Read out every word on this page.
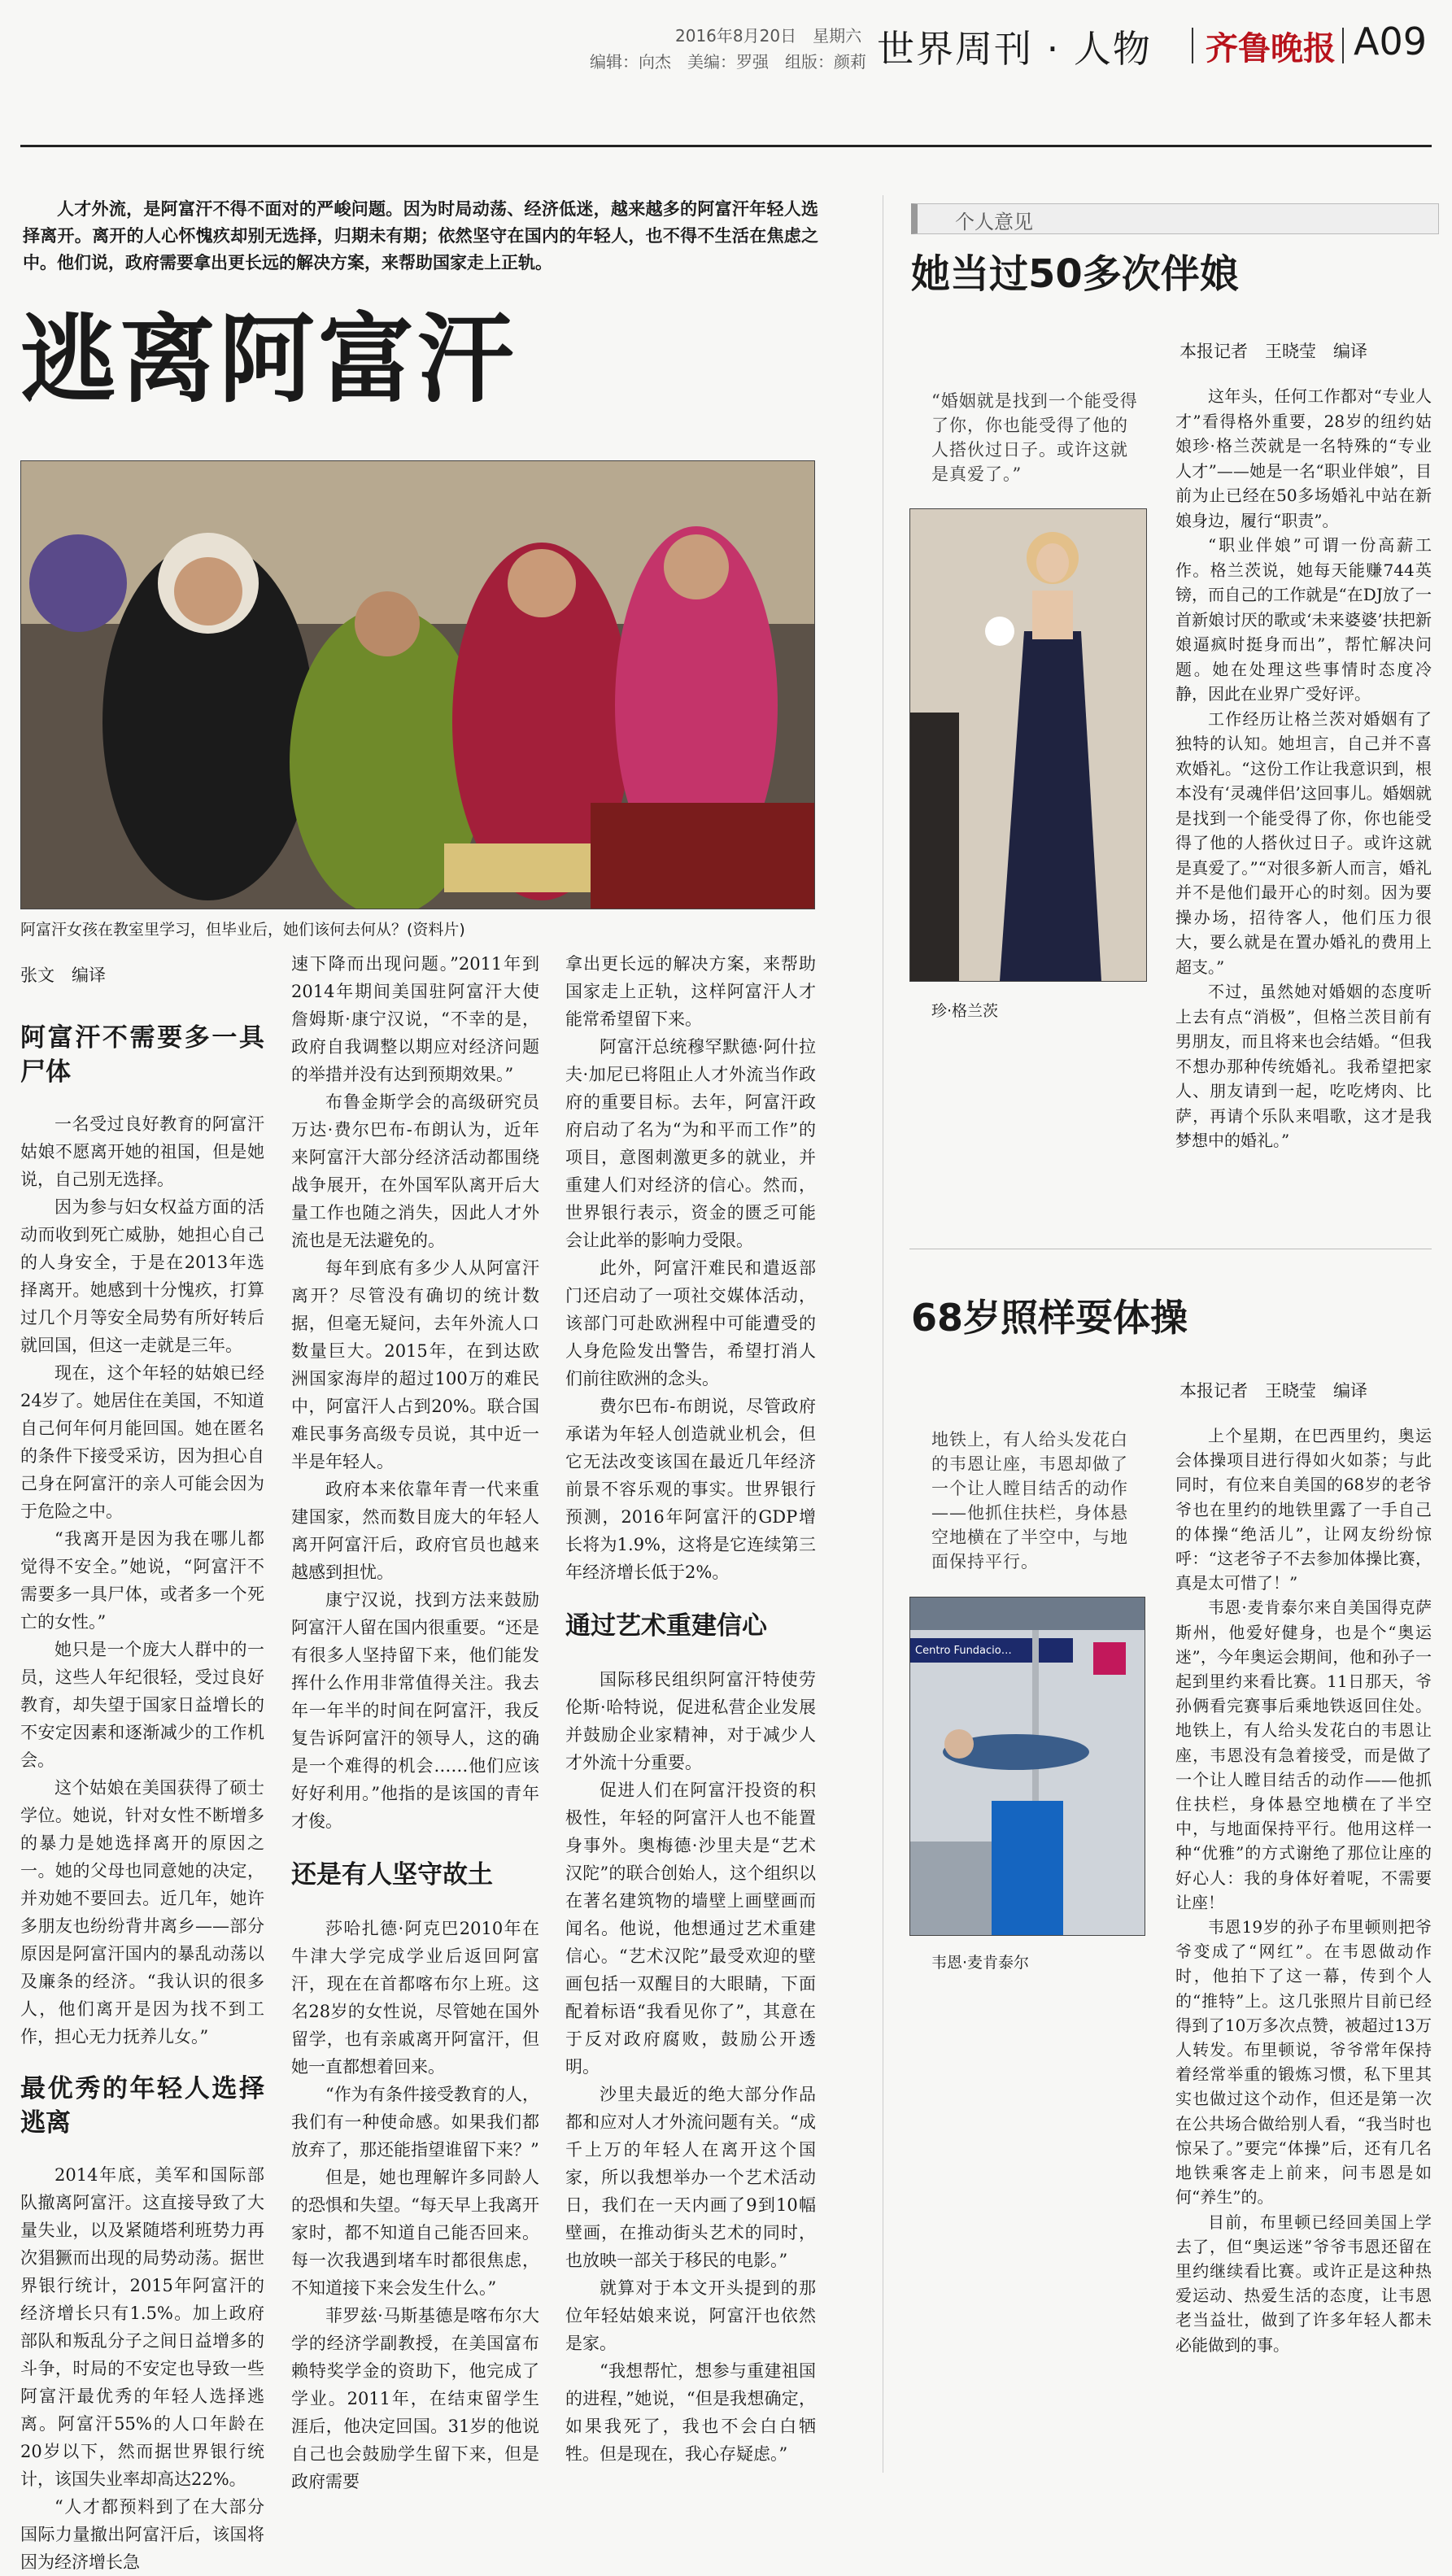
2016年8月20日　星期六
编辑：向杰　美编：罗强　组版：颜莉 世界周刊 · 人物 齐鲁晚报 A09

人才外流，是阿富汗不得不面对的严峻问题。因为时局动荡、经济低迷，越来越多的阿富汗年轻人选择离开。离开的人心怀愧疚却别无选择，归期未有期；依然坚守在国内的年轻人，也不得不生活在焦虑之中。他们说，政府需要拿出更长远的解决方案，来帮助国家走上正轨。

逃离阿富汗
阿富汗女孩在教室里学习，但毕业后，她们该何去何从？(资料片)
张文　编译
阿富汗不需要多一具尸体

一名受过良好教育的阿富汗姑娘不愿离开她的祖国，但是她说，自己别无选择。

因为参与妇女权益方面的活动而收到死亡威胁，她担心自己的人身安全，于是在2013年选择离开。她感到十分愧疚，打算过几个月等安全局势有所好转后就回国，但这一走就是三年。

现在，这个年轻的姑娘已经24岁了。她居住在美国，不知道自己何年何月能回国。她在匿名的条件下接受采访，因为担心自己身在阿富汗的亲人可能会因为于危险之中。

“我离开是因为我在哪儿都觉得不安全。”她说，“阿富汗不需要多一具尸体，或者多一个死亡的女性。”

她只是一个庞大人群中的一员，这些人年纪很轻，受过良好教育，却失望于国家日益增长的不安定因素和逐渐减少的工作机会。

这个姑娘在美国获得了硕士学位。她说，针对女性不断增多的暴力是她选择离开的原因之一。她的父母也同意她的决定，并劝她不要回去。近几年，她许多朋友也纷纷背井离乡——部分原因是阿富汗国内的暴乱动荡以及廉条的经济。“我认识的很多人，他们离开是因为找不到工作，担心无力抚养儿女。”

最优秀的年轻人选择逃离

2014年底，美军和国际部队撤离阿富汗。这直接导致了大量失业，以及紧随塔利班势力再次猖獗而出现的局势动荡。据世界银行统计，2015年阿富汗的经济增长只有1.5%。加上政府部队和叛乱分子之间日益增多的斗争，时局的不安定也导致一些阿富汗最优秀的年轻人选择逃离。阿富汗55%的人口年龄在20岁以下，然而据世界银行统计，该国失业率却高达22%。

“人才都预料到了在大部分国际力量撤出阿富汗后，该国将因为经济增长急

速下降而出现问题。”2011年到2014年期间美国驻阿富汗大使詹姆斯·康宁汉说，“不幸的是，政府自我调整以期应对经济问题的举措并没有达到预期效果。”

布鲁金斯学会的高级研究员万达·费尔巴布-布朗认为，近年来阿富汗大部分经济活动都围绕战争展开，在外国军队离开后大量工作也随之消失，因此人才外流也是无法避免的。

每年到底有多少人从阿富汗离开？尽管没有确切的统计数据，但毫无疑问，去年外流人口数量巨大。2015年，在到达欧洲国家海岸的超过100万的难民中，阿富汗人占到20%。联合国难民事务高级专员说，其中近一半是年轻人。

政府本来依靠年青一代来重建国家，然而数目庞大的年轻人离开阿富汗后，政府官员也越来越感到担忧。

康宁汉说，找到方法来鼓励阿富汗人留在国内很重要。“还是有很多人坚持留下来，他们能发挥什么作用非常值得关注。我去年一年半的时间在阿富汗，我反复告诉阿富汗的领导人，这的确是一个难得的机会……他们应该好好利用。”他指的是该国的青年才俊。

还是有人坚守故土

莎哈扎德·阿克巴2010年在牛津大学完成学业后返回阿富汗，现在在首都喀布尔上班。这名28岁的女性说，尽管她在国外留学，也有亲戚离开阿富汗，但她一直都想着回来。

“作为有条件接受教育的人，我们有一种使命感。如果我们都放弃了，那还能指望谁留下来？”

但是，她也理解许多同龄人的恐惧和失望。“每天早上我离开家时，都不知道自己能否回来。每一次我遇到堵车时都很焦虑，不知道接下来会发生什么。”

菲罗兹·马斯基德是喀布尔大学的经济学副教授，在美国富布赖特奖学金的资助下，他完成了学业。2011年，在结束留学生涯后，他决定回国。31岁的他说自己也会鼓励学生留下来，但是政府需要

拿出更长远的解决方案，来帮助国家走上正轨，这样阿富汗人才能常希望留下来。

阿富汗总统穆罕默德·阿什拉夫·加尼已将阻止人才外流当作政府的重要目标。去年，阿富汗政府启动了名为“为和平而工作”的项目，意图刺激更多的就业，并重建人们对经济的信心。然而，世界银行表示，资金的匮乏可能会让此举的影响力受限。

此外，阿富汗难民和遣返部门还启动了一项社交媒体活动，该部门可赴欧洲程中可能遭受的人身危险发出警告，希望打消人们前往欧洲的念头。

费尔巴布-布朗说，尽管政府承诺为年轻人创造就业机会，但它无法改变该国在最近几年经济前景不容乐观的事实。世界银行预测，2016年阿富汗的GDP增长将为1.9%，这将是它连续第三年经济增长低于2%。

通过艺术重建信心

国际移民组织阿富汗特使劳伦斯·哈特说，促进私营企业发展并鼓励企业家精神，对于减少人才外流十分重要。

促进人们在阿富汗投资的积极性，年轻的阿富汗人也不能置身事外。奥梅德·沙里夫是“艺术汉陀”的联合创始人，这个组织以在著名建筑物的墙壁上画壁画而闻名。他说，他想通过艺术重建信心。“艺术汉陀”最受欢迎的壁画包括一双醒目的大眼睛，下面配着标语“我看见你了”，其意在于反对政府腐败，鼓励公开透明。

沙里夫最近的绝大部分作品都和应对人才外流问题有关。“成千上万的年轻人在离开这个国家，所以我想举办一个艺术活动日，我们在一天内画了9到10幅壁画，在推动街头艺术的同时，也放映一部关于移民的电影。”

就算对于本文开头提到的那位年轻姑娘来说，阿富汗也依然是家。

“我想帮忙，想参与重建祖国的进程，”她说，“但是我想确定，如果我死了，我也不会白白牺牲。但是现在，我心存疑虑。”

个人意见
她当过50多次伴娘
本报记者　王晓莹　编译
“婚姻就是找到一个能受得了你，你也能受得了他的人搭伙过日子。或许这就是真爱了。”
珍·格兰茨

这年头，任何工作都对“专业人才”看得格外重要，28岁的纽约姑娘珍·格兰茨就是一名特殊的“专业人才”——她是一名“职业伴娘”，目前为止已经在50多场婚礼中站在新娘身边，履行“职责”。

“职业伴娘”可谓一份高薪工作。格兰茨说，她每天能赚744英镑，而自己的工作就是“在DJ放了一首新娘讨厌的歌或‘未来婆婆’扶把新娘逼疯时挺身而出”，帮忙解决问题。她在处理这些事情时态度冷静，因此在业界广受好评。

工作经历让格兰茨对婚姻有了独特的认知。她坦言，自己并不喜欢婚礼。“这份工作让我意识到，根本没有‘灵魂伴侣’这回事儿。婚姻就是找到一个能受得了你，你也能受得了他的人搭伙过日子。或许这就是真爱了。”“对很多新人而言，婚礼并不是他们最开心的时刻。因为要操办场，招待客人，他们压力很大，要么就是在置办婚礼的费用上超支。”

不过，虽然她对婚姻的态度听上去有点“消极”，但格兰茨目前有男朋友，而且将来也会结婚。“但我不想办那种传统婚礼。我希望把家人、朋友请到一起，吃吃烤肉、比萨，再请个乐队来唱歌，这才是我梦想中的婚礼。”

68岁照样耍体操
本报记者　王晓莹　编译
地铁上，有人给头发花白的韦恩让座，韦恩却做了一个让人瞠目结舌的动作——他抓住扶栏，身体悬空地横在了半空中，与地面保持平行。
Centro Fundacio…
韦恩·麦肯泰尔

上个星期，在巴西里约，奥运会体操项目进行得如火如荼；与此同时，有位来自美国的68岁的老爷爷也在里约的地铁里露了一手自己的体操“绝活儿”，让网友纷纷惊呼：“这老爷子不去参加体操比赛，真是太可惜了！”

韦恩·麦肯泰尔来自美国得克萨斯州，他爱好健身，也是个“奥运迷”，今年奥运会期间，他和孙子一起到里约来看比赛。11日那天，爷孙俩看完赛事后乘地铁返回住处。地铁上，有人给头发花白的韦恩让座，韦恩没有急着接受，而是做了一个让人瞠目结舌的动作——他抓住扶栏，身体悬空地横在了半空中，与地面保持平行。他用这样一种“优雅”的方式谢绝了那位让座的好心人：我的身体好着呢，不需要让座！

韦恩19岁的孙子布里顿则把爷爷变成了“网红”。在韦恩做动作时，他拍下了这一幕，传到个人的“推特”上。这几张照片目前已经得到了10万多次点赞，被超过13万人转发。布里顿说，爷爷常年保持着经常举重的锻炼习惯，私下里其实也做过这个动作，但还是第一次在公共场合做给别人看，“我当时也惊呆了。”要完“体操”后，还有几名地铁乘客走上前来，问韦恩是如何“养生”的。

目前，布里顿已经回美国上学去了，但“奥运迷”爷爷韦恩还留在里约继续看比赛。或许正是这种热爱运动、热爱生活的态度，让韦恩老当益壮，做到了许多年轻人都未必能做到的事。
